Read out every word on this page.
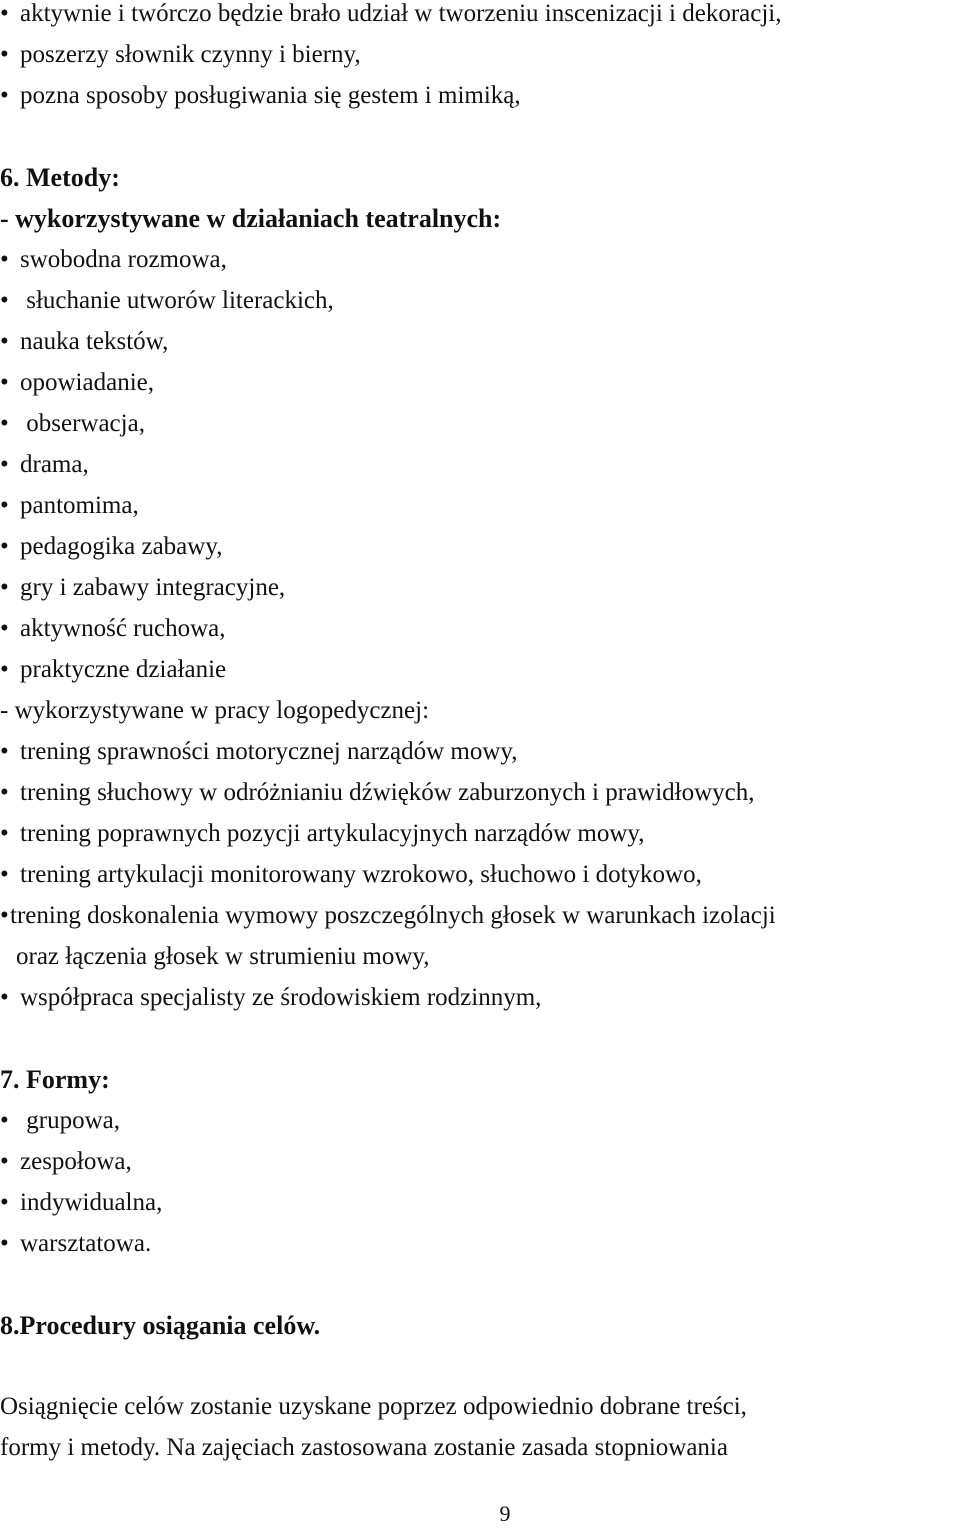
• aktywnie i twórczo będzie brało udział w tworzeniu inscenizacji i dekoracji,
• poszerzy słownik czynny i bierny,
• pozna sposoby posługiwania się gestem i mimiką,
6. Metody:
- wykorzystywane w działaniach teatralnych:
• swobodna rozmowa,
• słuchanie utworów literackich,
• nauka tekstów,
• opowiadanie,
• obserwacja,
• drama,
• pantomima,
• pedagogika zabawy,
• gry i zabawy integracyjne,
• aktywność ruchowa,
• praktyczne działanie
- wykorzystywane w pracy logopedycznej:
• trening sprawności motorycznej narządów mowy,
• trening słuchowy w odróżnianiu dźwięków zaburzonych i prawidłowych,
• trening poprawnych pozycji artykulacyjnych narządów mowy,
• trening artykulacji monitorowany wzrokowo, słuchowo i dotykowo,
•trening doskonalenia wymowy poszczególnych głosek w warunkach izolacji
oraz łączenia głosek w strumieniu mowy,
• współpraca specjalisty ze środowiskiem rodzinnym,
7. Formy:
• grupowa,
• zespołowa,
• indywidualna,
• warsztatowa.
8.Procedury osiągania celów.
Osiągnięcie celów zostanie uzyskane poprzez odpowiednio dobrane treści,
formy i metody. Na zajęciach zastosowana zostanie zasada stopniowania
9
